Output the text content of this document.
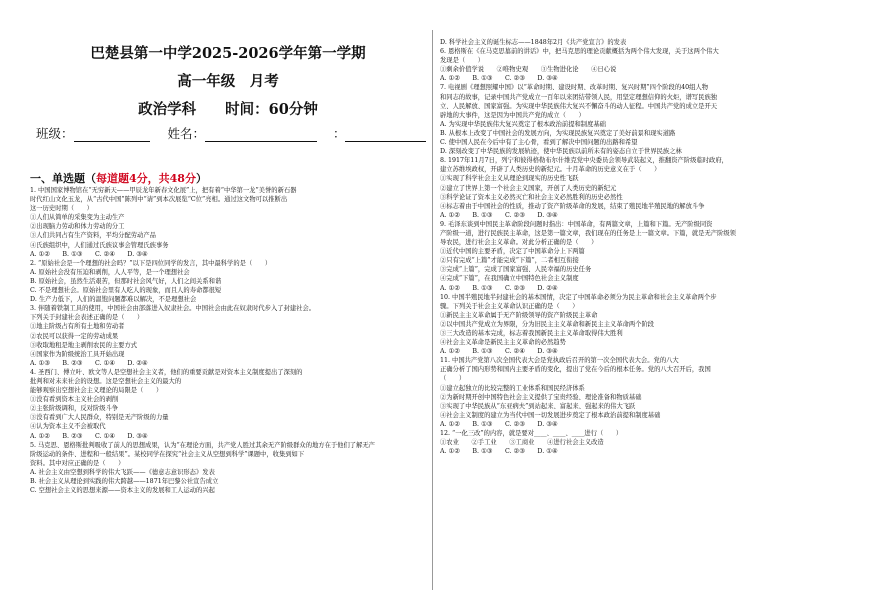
巴楚县第一中学2025-2026学年第一学期
高一年级　月考
政治学科　　时间：60分钟
班级：	姓名：	：
一、单选题（每道题4分，共48分）
1. 中国国家博物馆在“无穷新天——甲辰龙年新春文化展”上，把有着“中华第一龙”美誉的新石器
时代红山文化玉龙，从“古代中国”陈列中“请”到本次展览“C位”亮相。通过这文物可以推断出
这一历史时期（　　）
①人们从简单的采集变为主动生产
②出现脑力劳动和体力劳动的分工
③人们共同占有生产资料，平均分配劳动产品
④氏族组织中，人们通过氏族议事会管理氏族事务
A. ①②　　B. ①③　　C. ②④　　D. ③④
2. “原始社会是一个理想的社会吗？”以下是四位同学的发言，其中最科学的是（　　）
A. 原始社会没有压迫和剥削，人人平等，是一个理想社会
B. 原始社会，虽然生活艰苦，但那时社会风气好，人们之间关系和谐
C. 不是理想社会。原始社会里有人吃人的现象，而且人的寿命都很短
D. 生产力低下，人们的温饱问题都难以解决，不是理想社会
3. 伴随着铁制工具的使用，中国社会由部落进入奴隶社会。中国社会由此在奴隶时代步入了封建社会。
下列关于封建社会表述正确的是（　　）
①地主阶级占有所有土地和劳动者
②农民可以获得一定的劳动成果
③收取地租是地主剥削农民的主要方式
④国家作为阶级统治工具开始出现
A. ①③　　B. ②③　　C. ①④　　D. ②④
4. 圣西门、傅立叶、欧文等人是空想社会主义者，他们的重要贡献是对资本主义制度提出了深刻的
批判和对未来社会的设想。这是空想社会主义的最大的
能够观察出空想社会主义理论的局限是（　　）
①没有看到资本主义社会的剥削
②主张阶级调和，反对阶级斗争
③没有看到广大人民群众，特别是无产阶级的力量
④认为资本主义不会被取代
A. ①②　　B. ②③　　C. ①④　　D. ③④
5. 马克思、恩格斯批判吸收了前人的思想成果，认为“在理论方面，共产党人胜过其余无产阶级群众的地方在于他们了解无产
阶级运动的条件、进程和一般结果”。某校同学在探究“社会主义从空想到科学”课题中，收集到如下
资料。其中对应正确的是（　　）
A. 社会主义由空想到科学的伟大飞跃——《德意志意识形态》发表
B. 社会主义从理论到实践的伟大跨越——1871年巴黎公社宣告成立
C. 空想社会主义的思想来源——资本主义的发展和工人运动的兴起
D. 科学社会主义的诞生标志——1848年2月《共产党宣言》的发表
6. 恩格斯在《在马克思墓前的讲话》中，把马克思的理论贡献概括为两个伟大发现，关于这两个伟大
发现是（　　）
①剩余价值学说　　②唯物史观　　③生物进化论　　④日心说
A. ①②　　B. ①③　　C. ②③　　D. ③④
7. 电视剧《理想照耀中国》以“革命时期、建设时期、改革时期、复兴时期”四个阶段的40组人物
和同志的故事，记录中国共产党成立一百年以来团结带领人民，用坚定理想信仰的火炬，谱写民族独
立、人民解放、国家富强。为实现中华民族伟大复兴不懈奋斗的动人征程。中国共产党的成立是开天
辟地的大事件，这是因为中国共产党的成立（　　）
A. 为实现中华民族伟大复兴奠定了根本政治前提和制度基础
B. 从根本上改变了中国社会的发展方向，为实现民族复兴奠定了美好前景和现实道路
C. 使中国人民在今后中有了主心骨，看到了解决中国问题的出路和希望
D. 深刻改变了中华民族的发展轨迹，使中华民族以前所未有的姿态自立于世界民族之林
8. 1917年11月7日，列宁和彼得格勒布尔什维克党中央委员会领导武装起义，推翻资产阶级临时政府，
建立苏维埃政权，开辟了人类历史的新纪元。十月革命的历史意义在于（　　）
①实现了科学社会主义从理论到现实的历史性飞跃
②建立了世界上第一个社会主义国家，开创了人类历史的新纪元
③科学论证了资本主义必然灭亡和社会主义必然胜利的历史必然性
④标志着由于中国社会的性质，推动了资产阶级革命的发展，结束了殖民地半殖民地的解放斗争
A. ①②　　B. ①③　　C. ②③　　D. ③④
9. 毛泽东谈到中国民主革命阶段问题时指出：中国革命，有两篇文章，上篇和下篇。无产阶级同资
产阶级一道，进行民族民主革命，这是第一篇文章，我们现在的任务是上一篇文章。下篇，就是无产阶级领
导农民，进行社会主义革命。对此分析正确的是（　　）
①近代中国的主要矛盾，决定了中国革命分上下两篇
②只有完成“上篇”才能完成“下篇”，二者相互衔接
③完成“上篇”，完成了国家富强、人民幸福的历史任务
④完成“下篇”，在我国确立中国特色社会主义制度
A. ①②　　B. ①③　　C. ②③　　D. ②④
10. 中国半殖民地半封建社会的基本国情，决定了中国革命必须分为民主革命和社会主义革命两个步
骤。下列关于社会主义革命认识正确的是（　　）
①新民主主义革命属于无产阶级领导的资产阶级民主革命
②以中国共产党成立为界限，分为旧民主主义革命和新民主主义革命两个阶段
③三大改造的基本完成，标志着我国新民主主义革命取得伟大胜利
④社会主义革命是新民主主义革命的必然趋势
A. ①②　　B. ①③　　C. ②④　　D. ③④
11. 中国共产党第八次全国代表大会是党执政后召开的第一次全国代表大会。党的八大
正确分析了国内形势和国内主要矛盾的变化，提出了党在今后的根本任务。党的八大召开后，我国
（　　）
①建立起独立的比较完整的工业体系和国民经济体系
②为新时期开创中国特色社会主义提供了宝贵经验、理论准备和物质基础
③实现了中华民族从“东亚病夫”到站起来、富起来、强起来的伟大飞跃
④社会主义制度的建立为当代中国一切发展进步奠定了根本政治前提和制度基础
A. ①②　　B. ①③　　C. ②③　　D. ③④
12. “一化三改”的内容，就是要对____、____、____进行（　　）
①农业　　②手工业　　③工商业　　④进行社会主义改造
A. ①②　　B. ①③　　C. ②③　　D. ①④
